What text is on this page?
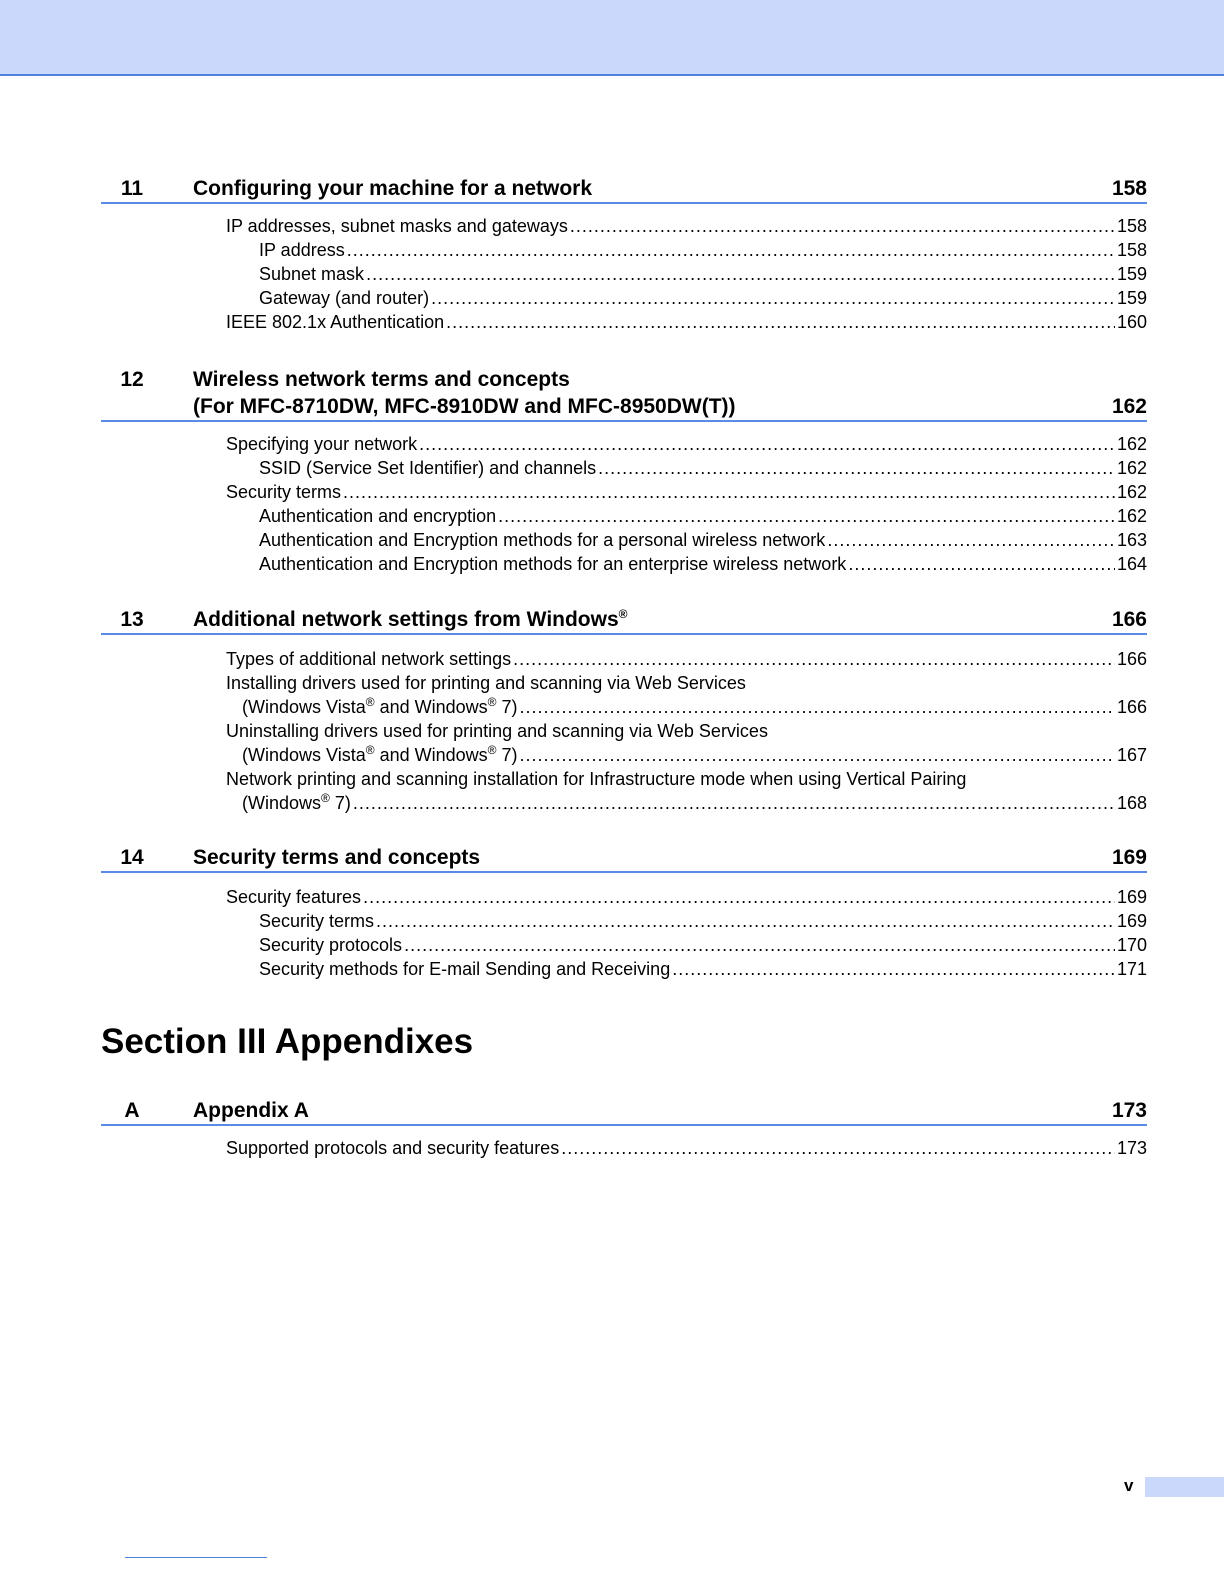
11	Configuring your machine for a network	158
IP addresses, subnet masks and gateways .....	158
IP address .....	158
Subnet mask .....	159
Gateway (and router) .....	159
IEEE 802.1x Authentication .....	160
12	Wireless network terms and concepts
(For MFC-8710DW, MFC-8910DW and MFC-8950DW(T))	162
Specifying your network .....	162
SSID (Service Set Identifier) and channels .....	162
Security terms .....	162
Authentication and encryption .....	162
Authentication and Encryption methods for a personal wireless network .....	163
Authentication and Encryption methods for an enterprise wireless network .....	164
13	Additional network settings from Windows®	166
Types of additional network settings .....	166
Installing drivers used for printing and scanning via Web Services
(Windows Vista® and Windows® 7) .....	166
Uninstalling drivers used for printing and scanning via Web Services
(Windows Vista® and Windows® 7) .....	167
Network printing and scanning installation for Infrastructure mode when using Vertical Pairing
(Windows® 7) .....	168
14	Security terms and concepts	169
Security features .....	169
Security terms .....	169
Security protocols .....	170
Security methods for E-mail Sending and Receiving .....	171
Section III Appendixes
A	Appendix A	173
Supported protocols and security features .....	173
v
